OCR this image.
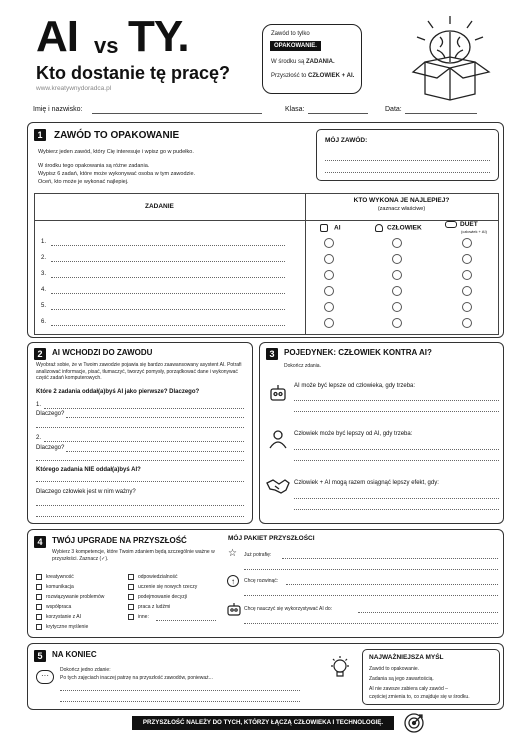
AI vs TY.
Kto dostanie tę pracę?
www.kreatywnydoradca.pl
Zawód to tylko
OPAKOWANIE.
W środku są ZADANIA.
Przyszłość to CZŁOWIEK + AI.
Imię i nazwisko:	Klasa:	Data:
1	ZAWÓD TO OPAKOWANIE
Wybierz jeden zawód, który Cię interesuje i wpisz go w pudełko.
W środku tego opakowania są różne zadania.
Wypisz 6 zadań, które może wykonywać osoba w tym zawodzie.
Oceń, kto może je wykonać najlepiej.
MÓJ ZAWÓD:
ZADANIE
KTO WYKONA JE NAJLEPIEJ?
(zaznacz właściwe)
AI	CZŁOWIEK	DUET
(człowiek + AI)
1.
2.
3.
4.
5.
6.
2	AI WCHODZI DO ZAWODU
Wyobraź sobie, że w Twoim zawodzie pojawia się bardzo zaawansowany asystent AI. Potrafi analizować informacje, pisać, tłumaczyć, tworzyć pomysły, porządkować dane i wykonywać część zadań komputerowych.
Które 2 zadania oddał(a)byś AI jako pierwsze? Dlaczego?
1.
Dlaczego?
2.
Dlaczego?
Którego zadania NIE oddał(a)byś AI?
Dlaczego człowiek jest w nim ważny?
3	POJEDYNEK: CZŁOWIEK KONTRA AI?
Dokończ zdania.
AI może być lepsze od człowieka, gdy trzeba:
Człowiek może być lepszy od AI, gdy trzeba:
Człowiek + AI mogą razem osiągnąć lepszy efekt, gdy:
4	TWÓJ UPGRADE NA PRZYSZŁOŚĆ
Wybierz 3 kompetencje, które Twoim zdaniem będą szczególnie ważne w przyszłości. Zaznacz (✓).
kreatywność
komunikacja
rozwiązywanie problemów
współpraca
korzystanie z AI
krytyczne myślenie
odpowiedzialność
uczenie się nowych rzeczy
podejmowanie decyzji
praca z ludźmi
inne:
MÓJ PAKIET PRZYSZŁOŚCI
☆ Już potrafię:
↑	Chcę rozwinąć:
Chcę nauczyć się wykorzystywać AI do:
5	NA KONIEC
···
Dokończ jedno zdanie:
Po tych zajęciach inaczej patrzę na przyszłość zawodów, ponieważ...
NAJWAŻNIEJSZA MYŚL
Zawód to opakowanie.
Zadania są jego zawartością.
AI nie zawsze zabiera cały zawód –
częściej zmienia to, co znajduje się w środku.
PRZYSZŁOŚĆ NALEŻY DO TYCH, KTÓRZY ŁĄCZĄ CZŁOWIEKA I TECHNOLOGIĘ.
